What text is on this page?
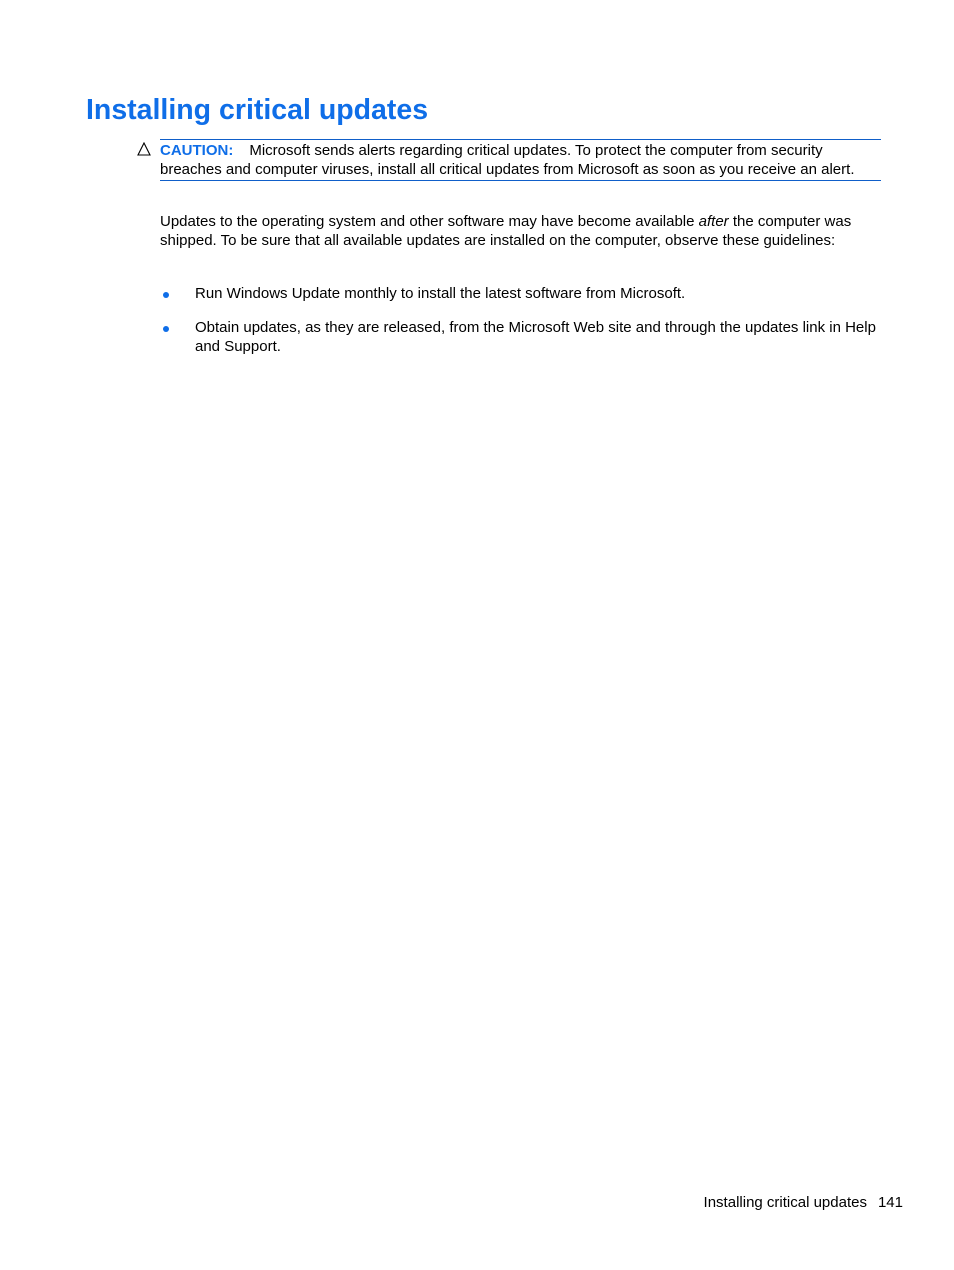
Installing critical updates
CAUTION: Microsoft sends alerts regarding critical updates. To protect the computer from security breaches and computer viruses, install all critical updates from Microsoft as soon as you receive an alert.

Updates to the operating system and other software may have become available after the computer was shipped. To be sure that all available updates are installed on the computer, observe these guidelines:

Run Windows Update monthly to install the latest software from Microsoft.
Obtain updates, as they are released, from the Microsoft Web site and through the updates link in Help and Support.
Installing critical updates 141
